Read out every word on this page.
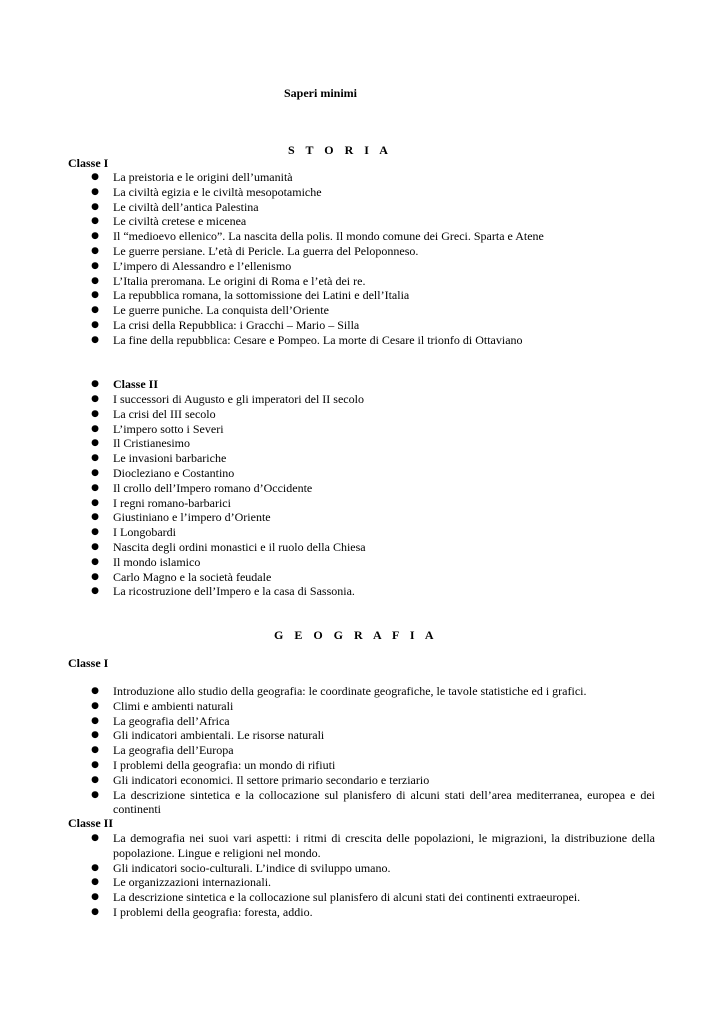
Saperi minimi
S T O R I A
Classe I
● La preistoria e le origini dell’umanità
● La civiltà egizia e le civiltà mesopotamiche
● Le civiltà dell’antica Palestina
● Le civiltà cretese e micenea
● Il “medioevo ellenico”. La nascita della polis. Il mondo comune dei Greci. Sparta e Atene
● Le guerre persiane. L’età di Pericle. La guerra del Peloponneso.
● L’impero di Alessandro e l’ellenismo
● L’Italia preromana. Le origini di Roma e l’età dei re.
● La repubblica romana, la sottomissione dei Latini e dell’Italia
● Le guerre puniche. La conquista dell’Oriente
● La crisi della Repubblica: i Gracchi – Mario – Silla
● La fine della repubblica: Cesare e Pompeo. La morte di Cesare il trionfo di Ottaviano
● Classe II
● I successori di Augusto e gli imperatori del II secolo
● La crisi del III secolo
● L’impero sotto i Severi
● Il Cristianesimo
● Le invasioni barbariche
● Diocleziano e Costantino
● Il crollo dell’Impero romano d’Occidente
● I regni romano-barbarici
● Giustiniano e l’impero d’Oriente
● I Longobardi
● Nascita degli ordini monastici e il ruolo della Chiesa
● Il mondo islamico
● Carlo Magno e la società feudale
● La ricostruzione dell’Impero e la casa di Sassonia.
G E O G R A F I A
Classe I
● Introduzione allo studio della geografia: le coordinate geografiche, le tavole statistiche ed i grafici.
● Climi e ambienti naturali
● La geografia dell’Africa
● Gli indicatori ambientali. Le risorse naturali
● La geografia dell’Europa
● I problemi della geografia: un mondo di rifiuti
● Gli indicatori economici. Il settore primario secondario e terziario
● La descrizione sintetica e la collocazione sul planisfero di alcuni stati dell’area mediterranea, europea e dei continenti
Classe II
● La demografia nei suoi vari aspetti: i ritmi di crescita delle popolazioni, le migrazioni, la distribuzione della popolazione. Lingue e religioni nel mondo.
● Gli indicatori socio-culturali. L’indice di sviluppo umano.
● Le organizzazioni internazionali.
● La descrizione sintetica e la collocazione sul planisfero di alcuni stati dei continenti extraeuropei.
● I problemi della geografia: foresta, addio.
